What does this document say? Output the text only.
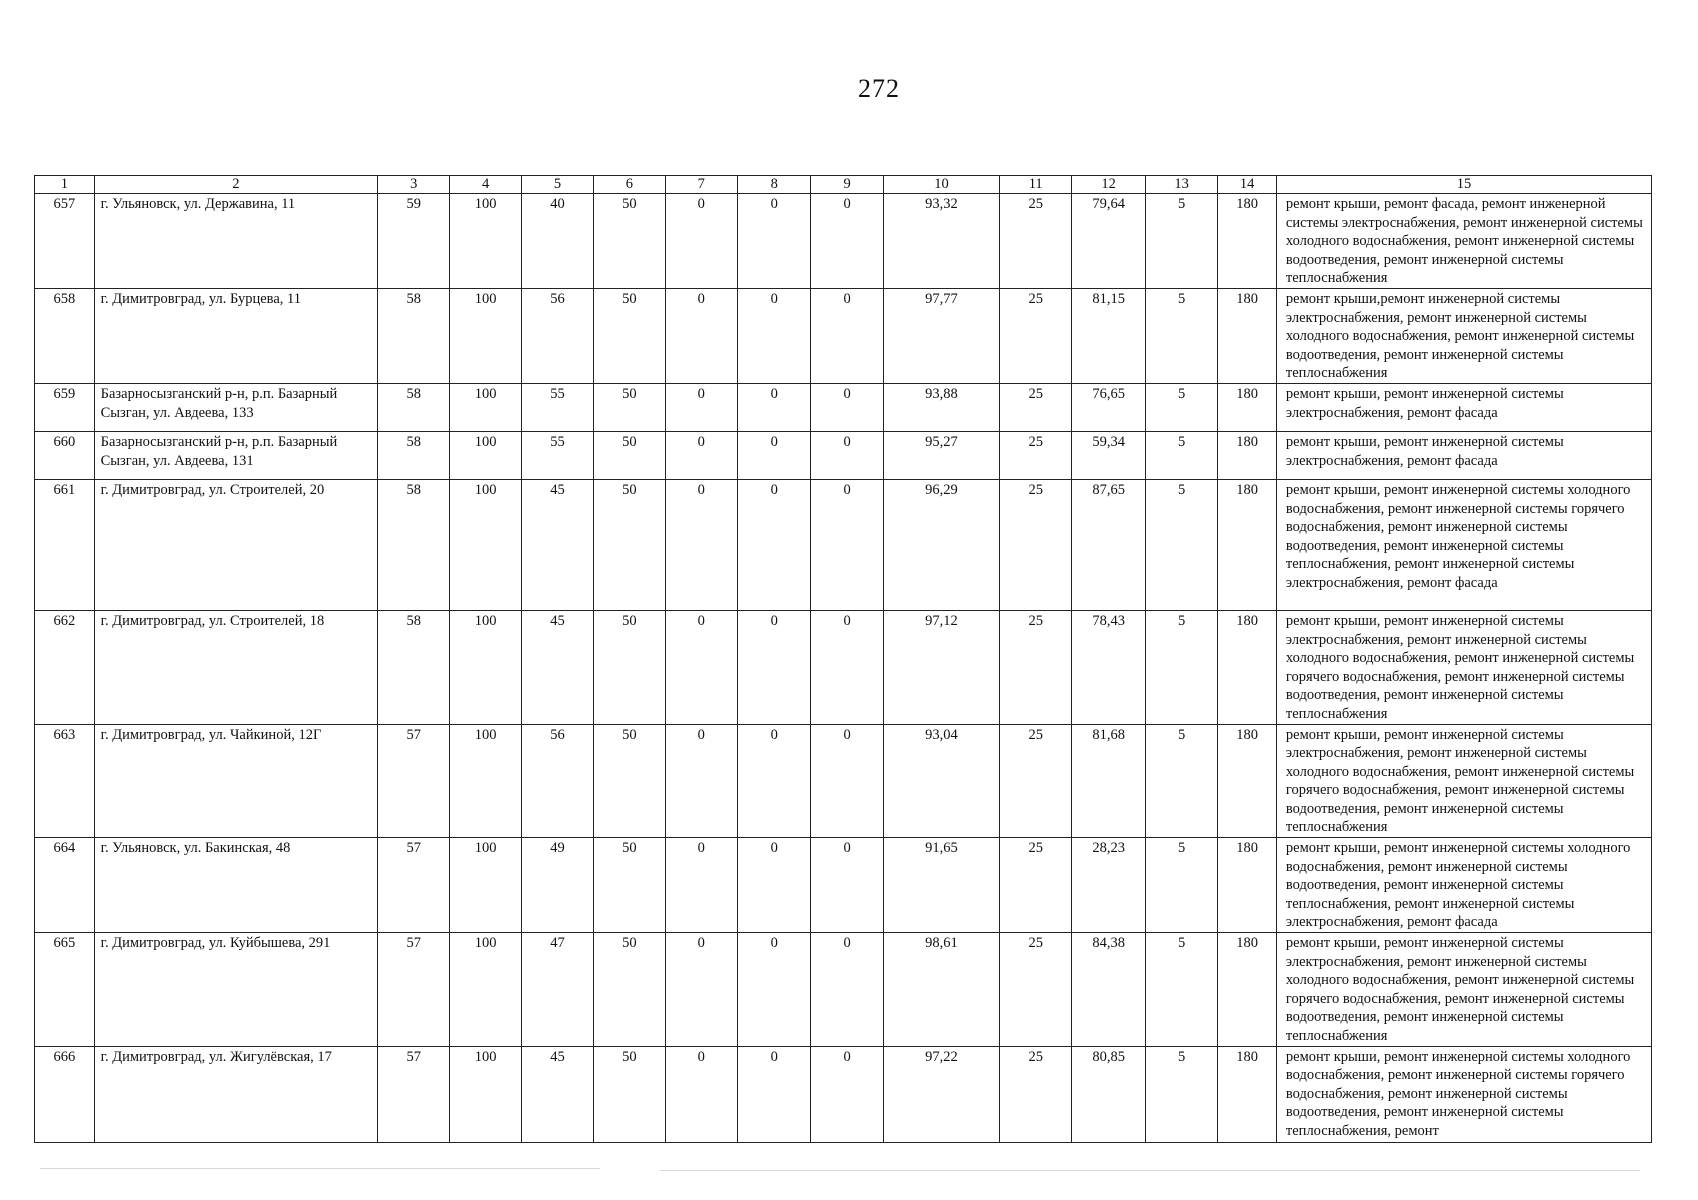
272
1	2	3	4	5	6	7	8	9	10	11	12	13	14	15
657	г. Ульяновск, ул. Державина, 11	59	100	40	50	0	0	0	93,32	25	79,64	5	180	ремонт крыши, ремонт фасада, ремонт инженерной системы электроснабжения, ремонт инженерной системы холодного водоснабжения, ремонт инженерной системы водоотведения, ремонт инженерной системы теплоснабжения
658	г. Димитровград, ул. Бурцева, 11	58	100	56	50	0	0	0	97,77	25	81,15	5	180	ремонт крыши,ремонт инженерной системы электроснабжения, ремонт инженерной системы холодного водоснабжения, ремонт инженерной системы водоотведения, ремонт инженерной системы теплоснабжения
659	Базарносызганский р-н, р.п. Базарный Сызган, ул. Авдеева, 133	58	100	55	50	0	0	0	93,88	25	76,65	5	180	ремонт крыши, ремонт инженерной системы электроснабжения, ремонт фасада
660	Базарносызганский р-н, р.п. Базарный Сызган, ул. Авдеева, 131	58	100	55	50	0	0	0	95,27	25	59,34	5	180	ремонт крыши, ремонт инженерной системы электроснабжения, ремонт фасада
661	г. Димитровград, ул. Строителей, 20	58	100	45	50	0	0	0	96,29	25	87,65	5	180	ремонт крыши, ремонт инженерной системы холодного водоснабжения, ремонт инженерной системы горячего водоснабжения, ремонт инженерной системы водоотведения, ремонт инженерной системы теплоснабжения, ремонт инженерной системы электроснабжения, ремонт фасада
662	г. Димитровград, ул. Строителей, 18	58	100	45	50	0	0	0	97,12	25	78,43	5	180	ремонт крыши, ремонт инженерной системы электроснабжения, ремонт инженерной системы холодного водоснабжения, ремонт инженерной системы горячего водоснабжения, ремонт инженерной системы водоотведения, ремонт инженерной системы теплоснабжения
663	г. Димитровград, ул. Чайкиной, 12Г	57	100	56	50	0	0	0	93,04	25	81,68	5	180	ремонт крыши, ремонт инженерной системы электроснабжения, ремонт инженерной системы холодного водоснабжения, ремонт инженерной системы горячего водоснабжения, ремонт инженерной системы водоотведения, ремонт инженерной системы теплоснабжения
664	г. Ульяновск, ул. Бакинская, 48	57	100	49	50	0	0	0	91,65	25	28,23	5	180	ремонт крыши, ремонт инженерной системы холодного водоснабжения, ремонт инженерной системы водоотведения, ремонт инженерной системы теплоснабжения, ремонт инженерной системы электроснабжения, ремонт фасада
665	г. Димитровград, ул. Куйбышева, 291	57	100	47	50	0	0	0	98,61	25	84,38	5	180	ремонт крыши, ремонт инженерной системы электроснабжения, ремонт инженерной системы холодного водоснабжения, ремонт инженерной системы горячего водоснабжения, ремонт инженерной системы водоотведения, ремонт инженерной системы теплоснабжения
666	г. Димитровград, ул. Жигулёвская, 17	57	100	45	50	0	0	0	97,22	25	80,85	5	180	ремонт крыши, ремонт инженерной системы холодного водоснабжения, ремонт инженерной системы горячего водоснабжения, ремонт инженерной системы водоотведения, ремонт инженерной системы теплоснабжения, ремонт
